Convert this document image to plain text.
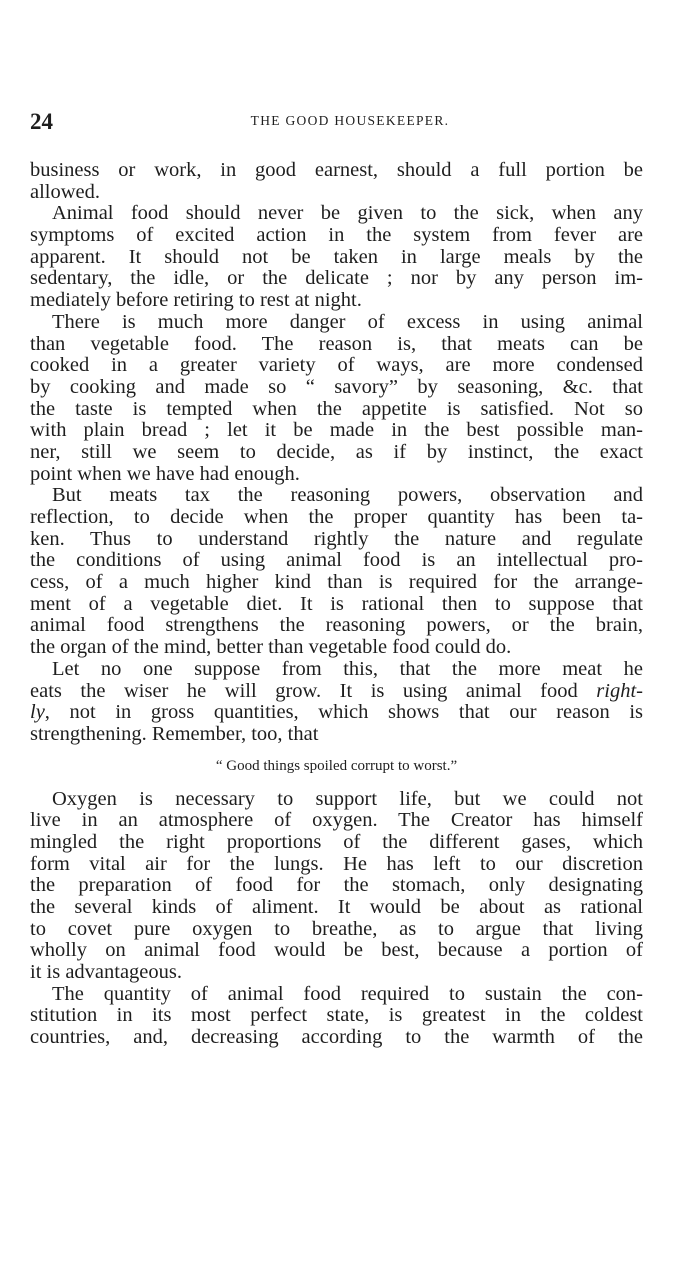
24	THE GOOD HOUSEKEEPER.
business or work, in good earnest, should a full portion be
allowed.
Animal food should never be given to the sick, when any
symptoms of excited action in the system from fever are
apparent. It should not be taken in large meals by the
sedentary, the idle, or the delicate ; nor by any person im-
mediately before retiring to rest at night.
There is much more danger of excess in using animal
than vegetable food. The reason is, that meats can be
cooked in a greater variety of ways, are more condensed
by cooking and made so “ savory” by seasoning, &c. that
the taste is tempted when the appetite is satisfied. Not so
with plain bread ; let it be made in the best possible man-
ner, still we seem to decide, as if by instinct, the exact
point when we have had enough.
But meats tax the reasoning powers, observation and
reflection, to decide when the proper quantity has been ta-
ken. Thus to understand rightly the nature and regulate
the conditions of using animal food is an intellectual pro-
cess, of a much higher kind than is required for the arrange-
ment of a vegetable diet. It is rational then to suppose that
animal food strengthens the reasoning powers, or the brain,
the organ of the mind, better than vegetable food could do.
Let no one suppose from this, that the more meat he
eats the wiser he will grow. It is using animal food right-
ly, not in gross quantities, which shows that our reason is
strengthening. Remember, too, that
“ Good things spoiled corrupt to worst.”
Oxygen is necessary to support life, but we could not
live in an atmosphere of oxygen. The Creator has himself
mingled the right proportions of the different gases, which
form vital air for the lungs. He has left to our discretion
the preparation of food for the stomach, only designating
the several kinds of aliment. It would be about as rational
to covet pure oxygen to breathe, as to argue that living
wholly on animal food would be best, because a portion of
it is advantageous.
The quantity of animal food required to sustain the con-
stitution in its most perfect state, is greatest in the coldest
countries, and, decreasing according to the warmth of the
